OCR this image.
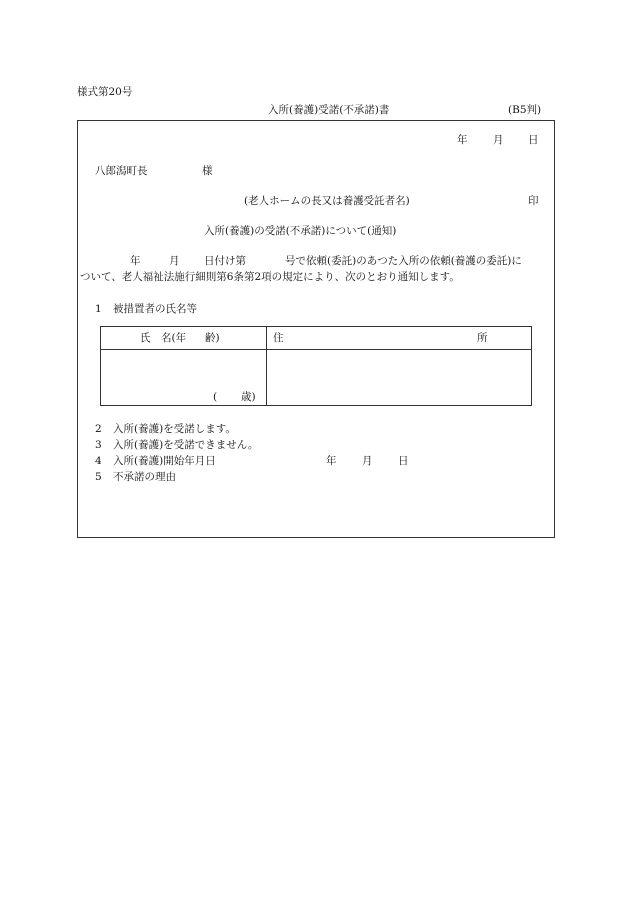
様式第20号
入所(養護)受諾(不承諾)書	(B5判)
年 月 日
八郎潟町長	様
(老人ホームの長又は養護受託者名)	印
入所(養護)の受諾(不承諾)について(通知)
年	月 日付け第	号で依頼(委託)のあつた入所の依頼(養護の委託)に
ついて、老人福祉法施行細則第6条第2項の規定により、次のとおり通知します。
1 被措置者の氏名等
氏 名(年 齢)	住	所
( 歳)
2 入所(養護)を受諾します。
3 入所(養護)を受諾できません。
4 入所(養護)開始年月日	年 月 日
5 不承諾の理由
